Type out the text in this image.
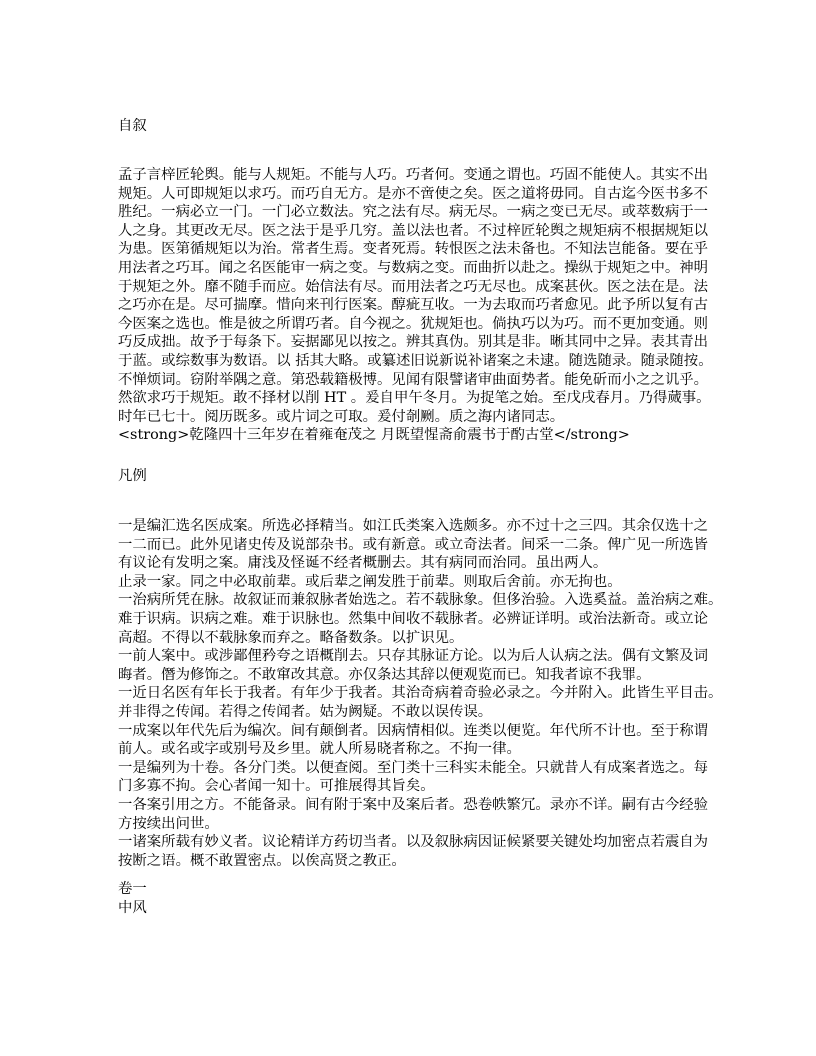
自叙
孟子言梓匠轮舆。能与人规矩。不能与人巧。巧者何。变通之谓也。巧固不能使人。其实不出
规矩。人可即规矩以求巧。而巧自无方。是亦不啻使之矣。医之道将毋同。自古迄今医书多不
胜纪。一病必立一门。一门必立数法。究之法有尽。病无尽。一病之变已无尽。或萃数病于一
人之身。其更改无尽。医之法于是乎几穷。盖以法也者。不过梓匠轮舆之规矩病不根据规矩以
为患。医第循规矩以为治。常者生焉。变者死焉。转恨医之法未备也。不知法岂能备。要在乎
用法者之巧耳。闻之名医能审一病之变。与数病之变。而曲折以赴之。操纵于规矩之中。神明
于规矩之外。靡不随手而应。始信法有尽。而用法者之巧无尽也。成案甚伙。医之法在是。法
之巧亦在是。尽可揣摩。惜向来刊行医案。醇疵互收。一为去取而巧者愈见。此予所以复有古
今医案之选也。惟是彼之所谓巧者。自今视之。犹规矩也。倘执巧以为巧。而不更加变通。则
巧反成拙。故予于每条下。妄据鄙见以按之。辨其真伪。别其是非。晰其同中之异。表其青出
于蓝。或综数事为数语。以 括其大略。或纂述旧说新说补诸案之未逮。随选随录。随录随按。
不惮烦词。窃附举隅之意。第恐载籍极博。见闻有限譬诸审曲面势者。能免斫而小之之讥乎。
然欲求巧于规矩。敢不择材以削 HT 。爰自甲午冬月。为捉笔之始。至戊戌春月。乃得蒇事。
时年已七十。阅历既多。或片词之可取。爰付剞劂。质之海内诸同志。
<strong>乾隆四十三年岁在着雍奄茂之 月既望惺斋俞震书于酌古堂</strong>
凡例
一是编汇选名医成案。所选必择精当。如江氏类案入选颇多。亦不过十之三四。其余仅选十之
一二而已。此外见诸史传及说部杂书。或有新意。或立奇法者。间采一二条。俾广见一所选皆
有议论有发明之案。庸浅及怪诞不经者概删去。其有病同而治同。虽出两人。
止录一家。同之中必取前辈。或后辈之阐发胜于前辈。则取后舍前。亦无拘也。
一治病所凭在脉。故叙证而兼叙脉者始选之。若不载脉象。但侈治验。入选奚益。盖治病之难。
难于识病。识病之难。难于识脉也。然集中间收不载脉者。必辨证详明。或治法新奇。或立论
高超。不得以不载脉象而弃之。略备数条。以扩识见。
一前人案中。或涉鄙俚矜夸之语概削去。只存其脉证方论。以为后人认病之法。偶有文繁及词
晦者。僭为修饰之。不敢窜改其意。亦仅条达其辞以便观览而已。知我者谅不我罪。
一近日名医有年长于我者。有年少于我者。其治奇病着奇验必录之。今并附入。此皆生平目击。
并非得之传闻。若得之传闻者。姑为阙疑。不敢以误传误。
一成案以年代先后为编次。间有颠倒者。因病情相似。连类以便览。年代所不计也。至于称谓
前人。或名或字或别号及乡里。就人所易晓者称之。不拘一律。
一是编列为十卷。各分门类。以便查阅。至门类十三科实未能全。只就昔人有成案者选之。每
门多寡不拘。会心者闻一知十。可推展得其旨矣。
一各案引用之方。不能备录。间有附于案中及案后者。恐卷帙繁冗。录亦不详。嗣有古今经验
方按续出问世。
一诸案所载有妙义者。议论精详方药切当者。以及叙脉病因证候紧要关键处均加密点若震自为
按断之语。概不敢置密点。以俟高贤之教正。
卷一
中风
